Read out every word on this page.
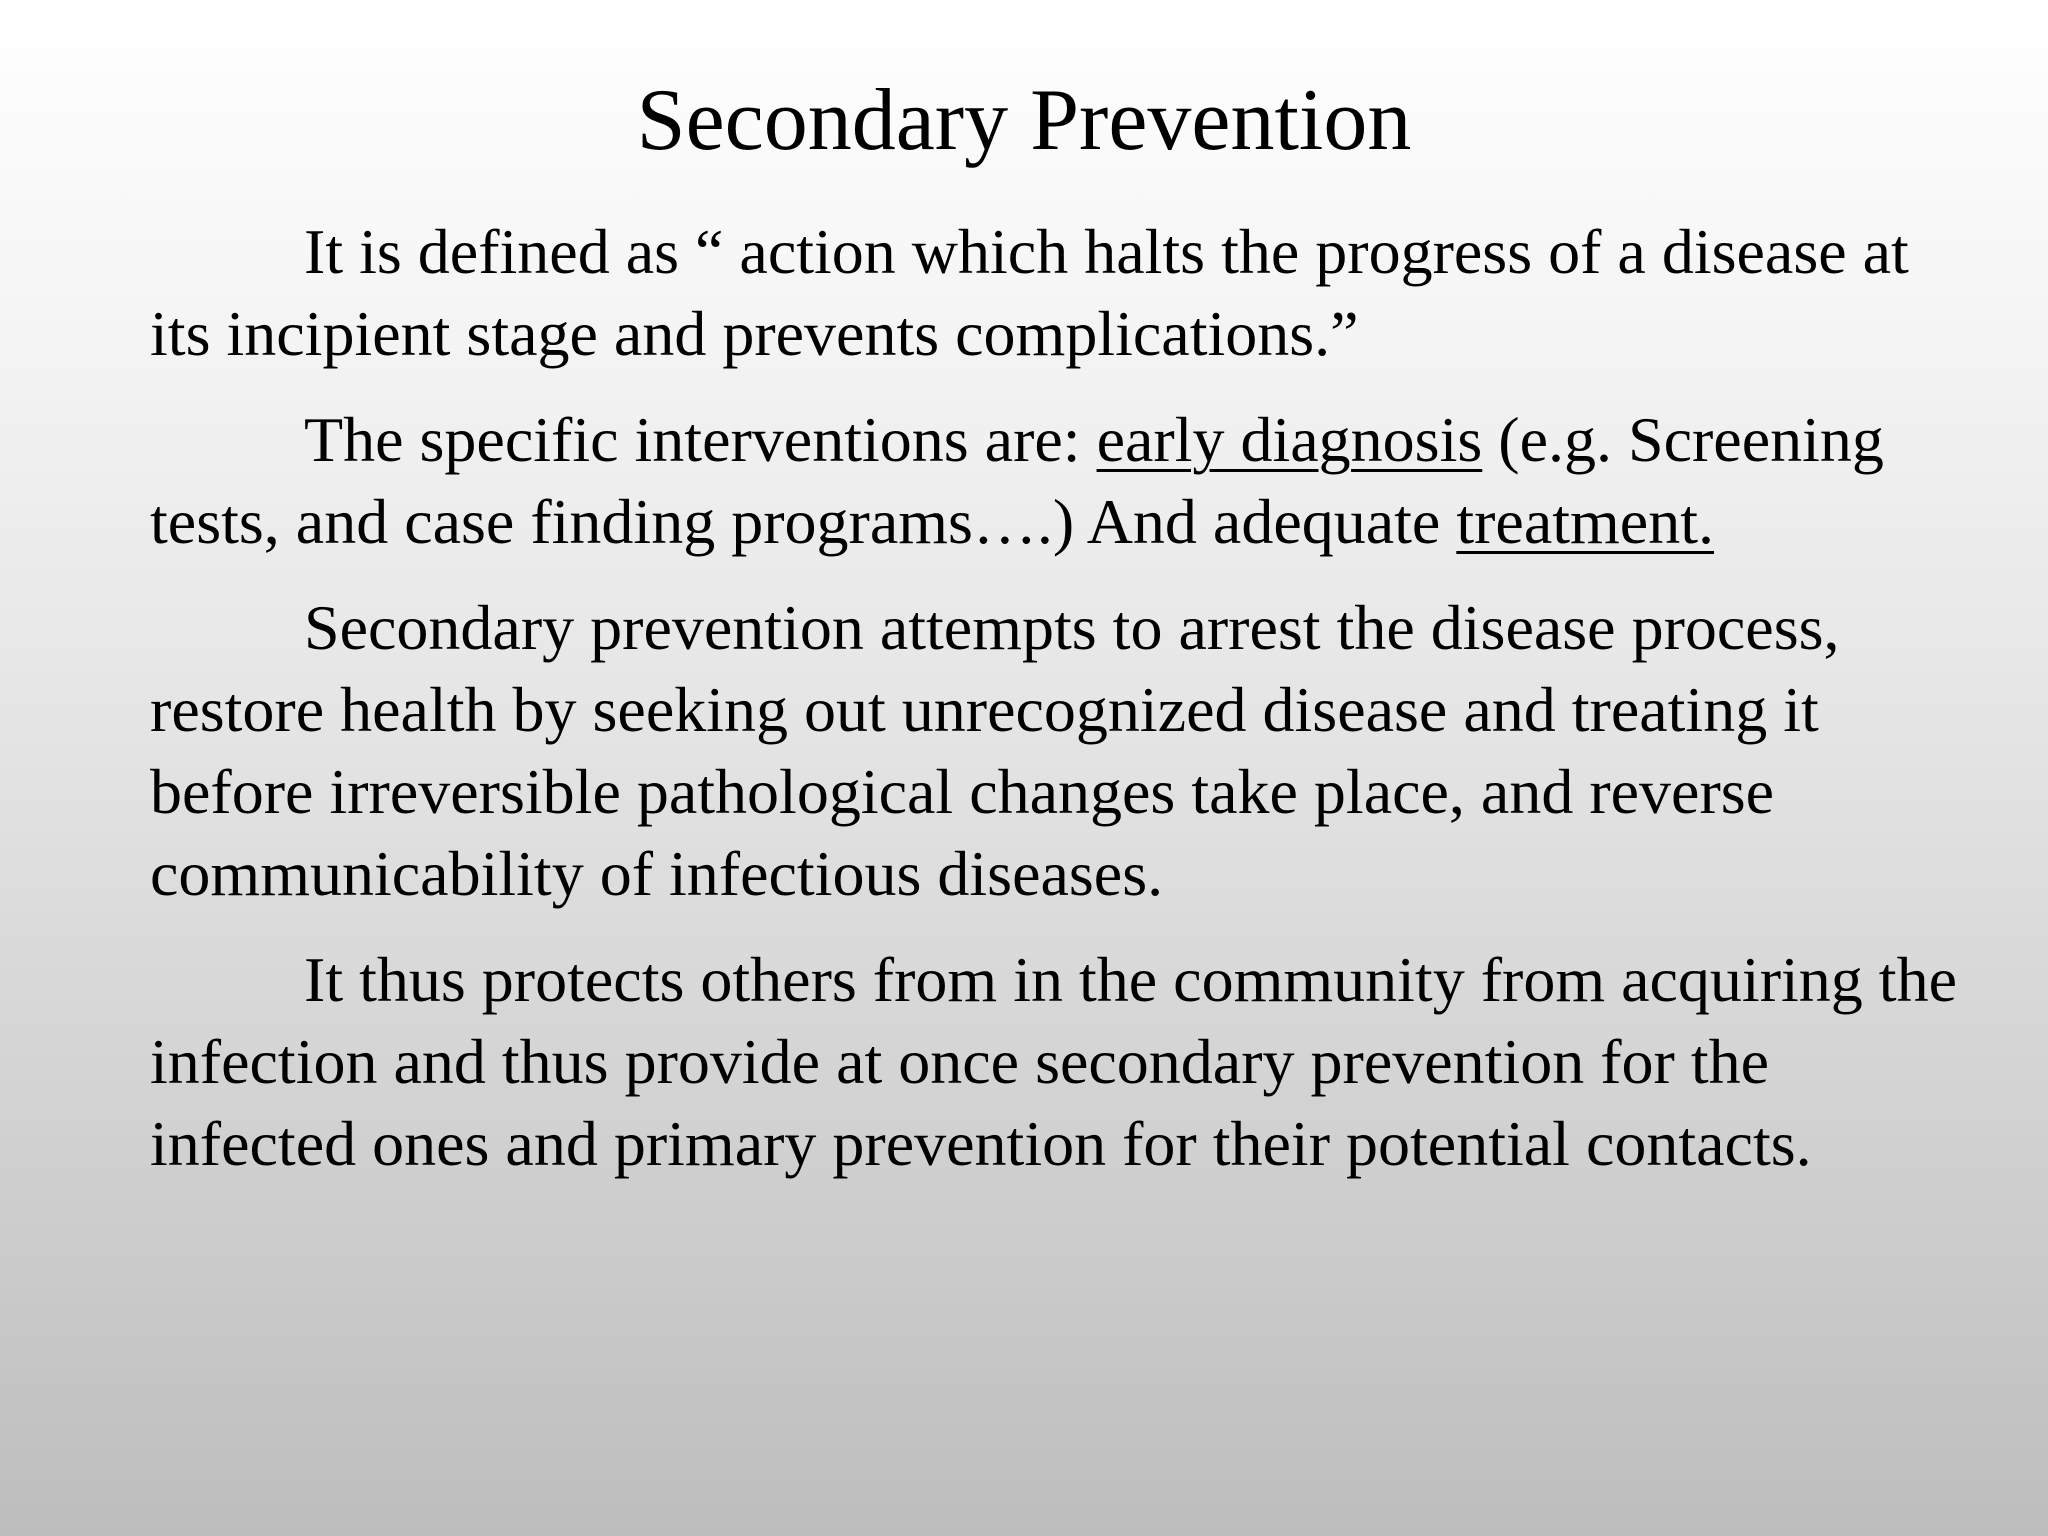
Secondary Prevention

It is defined as “ action which halts the progress of a disease at its incipient stage and prevents complications.”

The specific interventions are: early diagnosis (e.g. Screening tests, and case finding programs….) And adequate treatment.

Secondary prevention attempts to arrest the disease process, restore health by seeking out unrecognized disease and treating it before irreversible pathological changes take place, and reverse communicability of infectious diseases.

It thus protects others from in the community from acquiring the infection and thus provide at once secondary prevention for the infected ones and primary prevention for their potential contacts.
